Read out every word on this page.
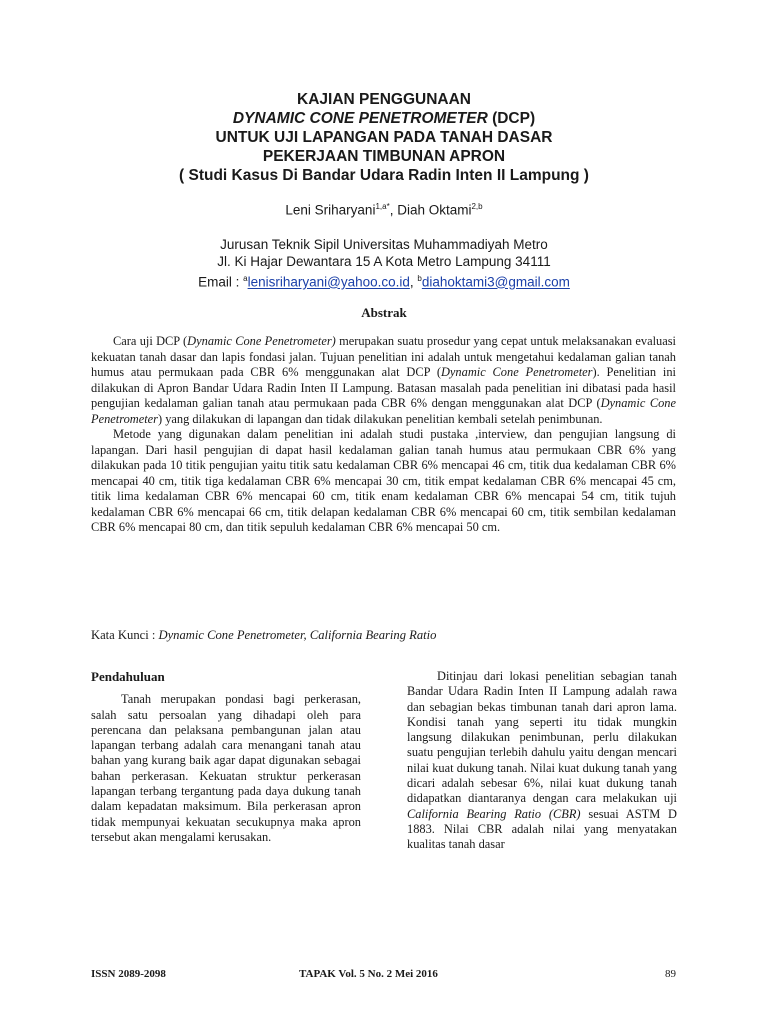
KAJIAN PENGGUNAAN
DYNAMIC CONE PENETROMETER (DCP)
UNTUK UJI LAPANGAN PADA TANAH DASAR
PEKERJAAN TIMBUNAN APRON
( Studi Kasus Di Bandar Udara Radin Inten II Lampung )
Leni Sriharyani$^{1,a*}$, Diah Oktami$^{2,b}$
Jurusan Teknik Sipil Universitas Muhammadiyah Metro
Jl. Ki Hajar Dewantara 15 A Kota Metro Lampung 34111
Email : $^a$lenisriharyani@yahoo.co.id, $^b$diahoktami3@gmail.com
Abstrak

Cara uji DCP (Dynamic Cone Penetrometer) merupakan suatu prosedur yang cepat untuk melaksanakan evaluasi kekuatan tanah dasar dan lapis fondasi jalan. Tujuan penelitian ini adalah untuk mengetahui kedalaman galian tanah humus atau permukaan pada CBR 6% menggunakan alat DCP (Dynamic Cone Penetrometer). Penelitian ini dilakukan di Apron Bandar Udara Radin Inten II Lampung. Batasan masalah pada penelitian ini dibatasi pada hasil pengujian kedalaman galian tanah atau permukaan pada CBR 6% dengan menggunakan alat DCP (Dynamic Cone Penetrometer) yang dilakukan di lapangan dan tidak dilakukan penelitian kembali setelah penimbunan.

Metode yang digunakan dalam penelitian ini adalah studi pustaka ,interview, dan pengujian langsung di lapangan. Dari hasil pengujian di dapat hasil kedalaman galian tanah humus atau permukaan CBR 6% yang dilakukan pada 10 titik pengujian yaitu titik satu kedalaman CBR 6% mencapai 46 cm, titik dua kedalaman CBR 6% mencapai 40 cm, titik tiga kedalaman CBR 6% mencapai 30 cm, titik empat kedalaman CBR 6% mencapai 45 cm, titik lima kedalaman CBR 6% mencapai 60 cm, titik enam kedalaman CBR 6% mencapai 54 cm, titik tujuh kedalaman CBR 6% mencapai 66 cm, titik delapan kedalaman CBR 6% mencapai 60 cm, titik sembilan kedalaman CBR 6% mencapai 80 cm, dan titik sepuluh kedalaman CBR 6% mencapai 50 cm.

Kata Kunci : Dynamic Cone Penetrometer, California Bearing Ratio

Pendahuluan

Tanah merupakan pondasi bagi perkerasan, salah satu persoalan yang dihadapi oleh para perencana dan pelaksana pembangunan jalan atau lapangan terbang adalah cara menangani tanah atau bahan yang kurang baik agar dapat digunakan sebagai bahan perkerasan. Kekuatan struktur perkerasan lapangan terbang tergantung pada daya dukung tanah dalam kepadatan maksimum. Bila perkerasan apron tidak mempunyai kekuatan secukupnya maka apron tersebut akan mengalami kerusakan.

Ditinjau dari lokasi penelitian sebagian tanah Bandar Udara Radin Inten II Lampung adalah rawa dan sebagian bekas timbunan tanah dari apron lama. Kondisi tanah yang seperti itu tidak mungkin langsung dilakukan penimbunan, perlu dilakukan suatu pengujian terlebih dahulu yaitu dengan mencari nilai kuat dukung tanah. Nilai kuat dukung tanah yang dicari adalah sebesar 6%, nilai kuat dukung tanah didapatkan diantaranya dengan cara melakukan uji California Bearing Ratio (CBR) sesuai ASTM D 1883. Nilai CBR adalah nilai yang menyatakan kualitas tanah dasar

ISSN 2089-2098	TAPAK Vol. 5 No. 2 Mei 2016	89
